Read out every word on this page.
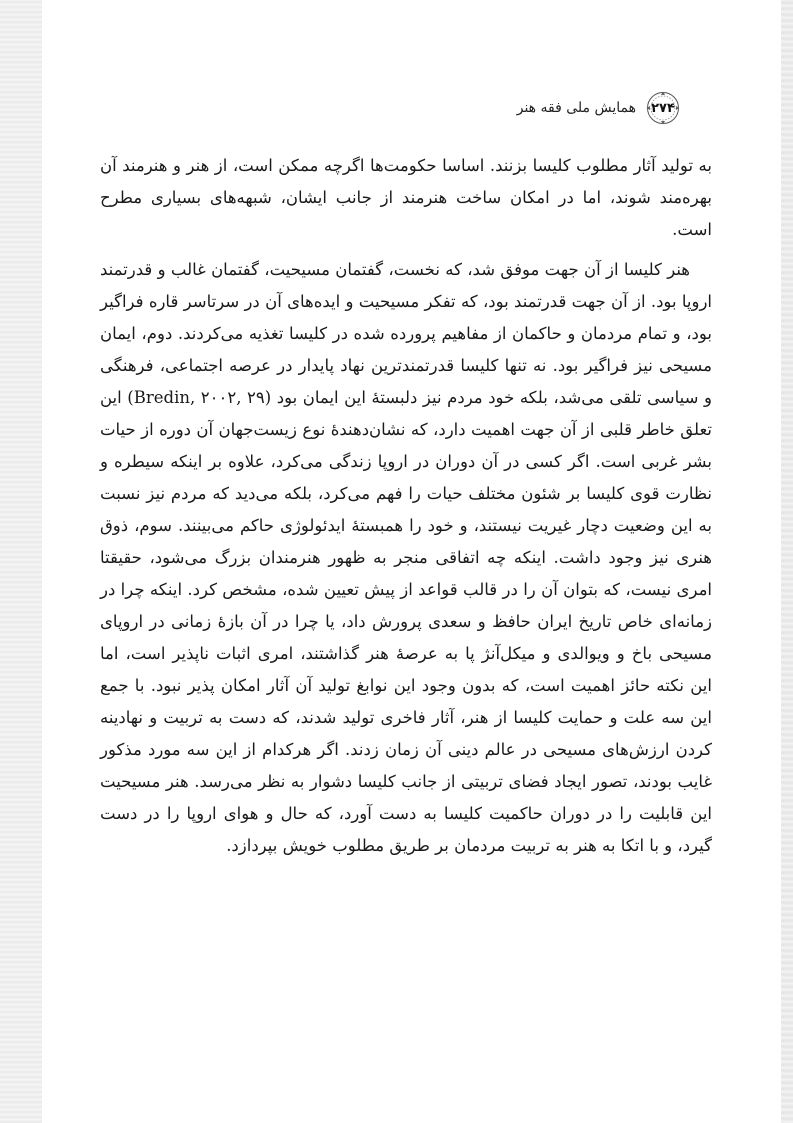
۲۷۴
همایش ملی فقه هنر

به تولید آثار مطلوب کلیسا بزنند. اساسا حکومت‌ها اگرچه ممکن است، از هنر و هنرمند آن بهره‌مند شوند، اما در امکان ساخت هنرمند از جانب ایشان، شبهه‌های بسیاری مطرح است.

هنر کلیسا از آن جهت موفق شد، که نخست، گفتمان مسیحیت، گفتمان غالب و قدرتمند اروپا بود. از آن جهت قدرتمند بود، که تفکر مسیحیت و ایده‌های آن در سرتاسر قاره فراگیر بود، و تمام مردمان و حاکمان از مفاهیم پرورده شده در کلیسا تغذیه می‌کردند. دوم، ایمان مسیحی نیز فراگیر بود. نه تنها کلیسا قدرتمندترین نهاد پایدار در عرصه اجتماعی، فرهنگی و سیاسی تلقی می‌شد، بلکه خود مردم نیز دلبستهٔ این ایمان بود (Bredin, ۲۰۰۲, ۲۹) این تعلق خاطر قلبی از آن جهت اهمیت دارد، که نشان‌دهندهٔ نوع زیست‌جهان آن دوره از حیات بشر غربی است. اگر کسی در آن دوران در اروپا زندگی می‌کرد، علاوه بر اینکه سیطره و نظارت قوی کلیسا بر شئون مختلف حیات را فهم می‌کرد، بلکه می‌دید که مردم نیز نسبت به این وضعیت دچار غیریت نیستند، و خود را همبستهٔ ایدئولوژی حاکم می‌بینند. سوم، ذوق هنری نیز وجود داشت. اینکه چه اتفاقی منجر به ظهور هنرمندان بزرگ می‌شود، حقیقتا امری نیست، که بتوان آن را در قالب قواعد از پیش تعیین شده، مشخص کرد. اینکه چرا در زمانه‌ای خاص تاریخ ایران حافظ و سعدی پرورش داد، یا چرا در آن بازهٔ زمانی در اروپای مسیحی باخ و ویوالدی و میکل‌آنژ پا به عرصهٔ هنر گذاشتند، امری اثبات ناپذیر است، اما این نکته حائز اهمیت است، که بدون وجود این نوابغ تولید آن آثار امکان پذیر نبود. با جمع این سه علت و حمایت کلیسا از هنر، آثار فاخری تولید شدند، که دست به تربیت و نهادینه کردن ارزش‌های مسیحی در عالم دینی آن زمان زدند. اگر هرکدام از این سه مورد مذکور غایب بودند، تصور ایجاد فضای تربیتی از جانب کلیسا دشوار به نظر می‌رسد. هنر مسیحیت این قابلیت را در دوران حاکمیت کلیسا به دست آورد، که حال و هوای اروپا را در دست گیرد، و با اتکا به هنر به تربیت مردمان بر طریق مطلوب خویش بپردازد.
